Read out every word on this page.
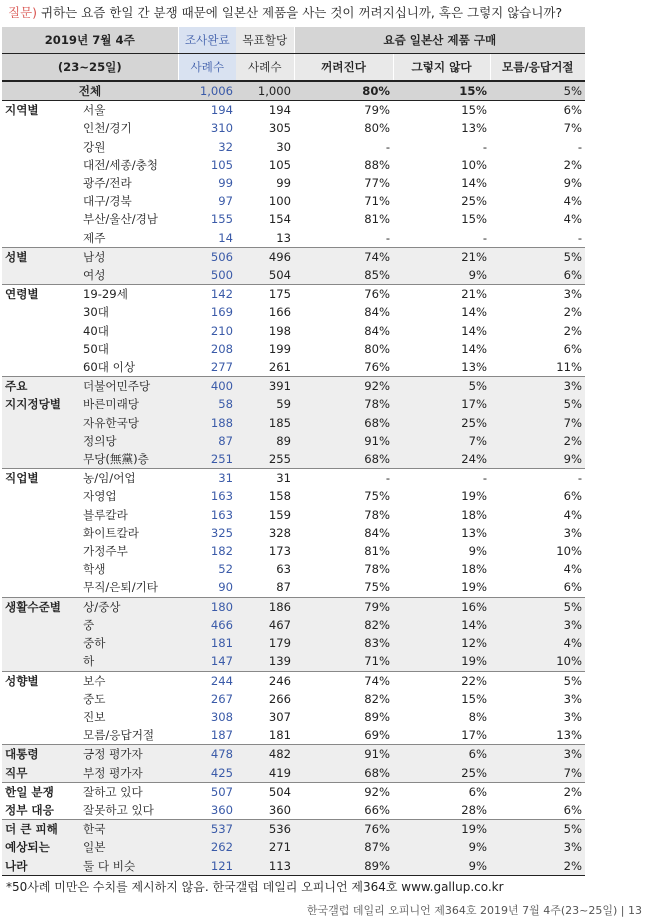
질문) 귀하는 요즘 한일 간 분쟁 때문에 일본산 제품을 사는 것이 꺼려지십니까, 혹은 그렇지 않습니까?
2019년 7월 4주		조사완료	목표할당	요즘 일본산 제품 구매		
(23~25일)		사례수	사례수	꺼려진다	그렇지 않다	모름/응답거절
전체		1,006	1,000	80%	15%	5%
지역별	서울	194	194	79%	15%	6%
	인천/경기	310	305	80%	13%	7%
	강원	32	30	-	-	-
	대전/세종/충청	105	105	88%	10%	2%
	광주/전라	99	99	77%	14%	9%
	대구/경북	97	100	71%	25%	4%
	부산/울산/경남	155	154	81%	15%	4%
	제주	14	13	-	-	-
성별	남성	506	496	74%	21%	5%
	여성	500	504	85%	9%	6%
연령별	19-29세	142	175	76%	21%	3%
	30대	169	166	84%	14%	2%
	40대	210	198	84%	14%	2%
	50대	208	199	80%	14%	6%
	60대 이상	277	261	76%	13%	11%
주요	더불어민주당	400	391	92%	5%	3%
지지정당별	바른미래당	58	59	78%	17%	5%
	자유한국당	188	185	68%	25%	7%
	정의당	87	89	91%	7%	2%
	무당(無黨)층	251	255	68%	24%	9%
직업별	농/임/어업	31	31	-	-	-
	자영업	163	158	75%	19%	6%
	블루칼라	163	159	78%	18%	4%
	화이트칼라	325	328	84%	13%	3%
	가정주부	182	173	81%	9%	10%
	학생	52	63	78%	18%	4%
	무직/은퇴/기타	90	87	75%	19%	6%
생활수준별	상/중상	180	186	79%	16%	5%
	중	466	467	82%	14%	3%
	중하	181	179	83%	12%	4%
	하	147	139	71%	19%	10%
성향별	보수	244	246	74%	22%	5%
	중도	267	266	82%	15%	3%
	진보	308	307	89%	8%	3%
	모름/응답거절	187	181	69%	17%	13%
대통령	긍정 평가자	478	482	91%	6%	3%
직무	부정 평가자	425	419	68%	25%	7%
한일 분쟁	잘하고 있다	507	504	92%	6%	2%
정부 대응	잘못하고 있다	360	360	66%	28%	6%
더 큰 피해	한국	537	536	76%	19%	5%
예상되는	일본	262	271	87%	9%	3%
나라	둘 다 비슷	121	113	89%	9%	2%
*50사례 미만은 수치를 제시하지 않음. 한국갤럽 데일리 오피니언 제364호 www.gallup.co.kr
한국갤럽 데일리 오피니언 제364호 2019년 7월 4주(23~25일) | 13
